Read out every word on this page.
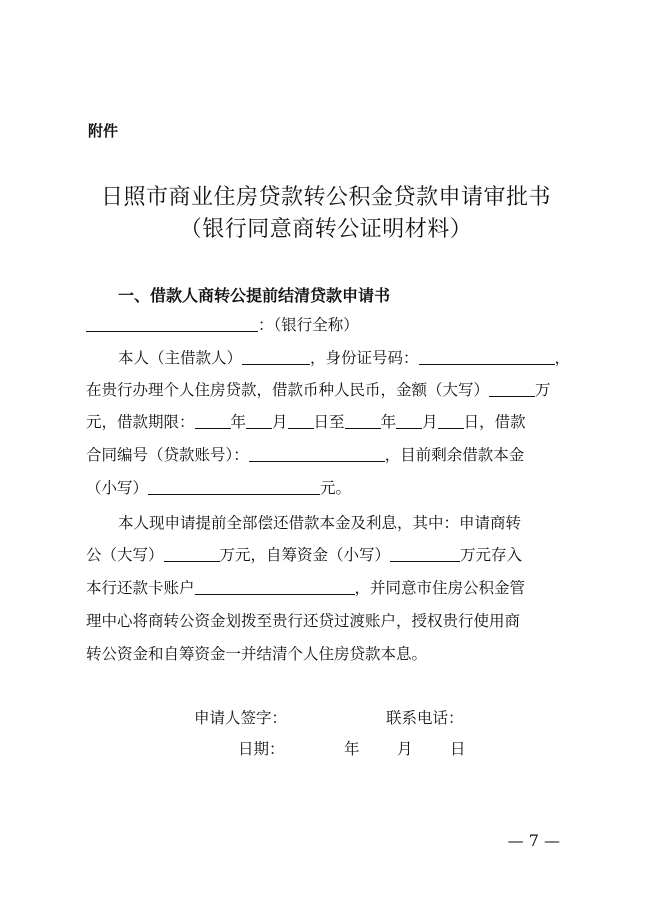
附件
日照市商业住房贷款转公积金贷款申请审批书
（银行同意商转公证明材料）
一、借款人商转公提前结清贷款申请书
：（银行全称）
本人（主借款人）	，身份证号码：	，
在贵行办理个人住房贷款，借款币种人民币，金额（大写）	万
元，借款期限： 年 月 日至 年 月 日，借款
合同编号（贷款账号）：	，目前剩余借款本金
（小写）	元。
本人现申请提前全部偿还借款本金及利息，其中：申请商转
公（大写）	万元，自筹资金（小写）	万元存入
本行还款卡账户	，并同意市住房公积金管
理中心将商转公资金划拨至贵行还贷过渡账户，授权贵行使用商
转公资金和自筹资金一并结清个人住房贷款本息。
申请人签字：	联系电话：
日期：	年 月 日
— 7 —
